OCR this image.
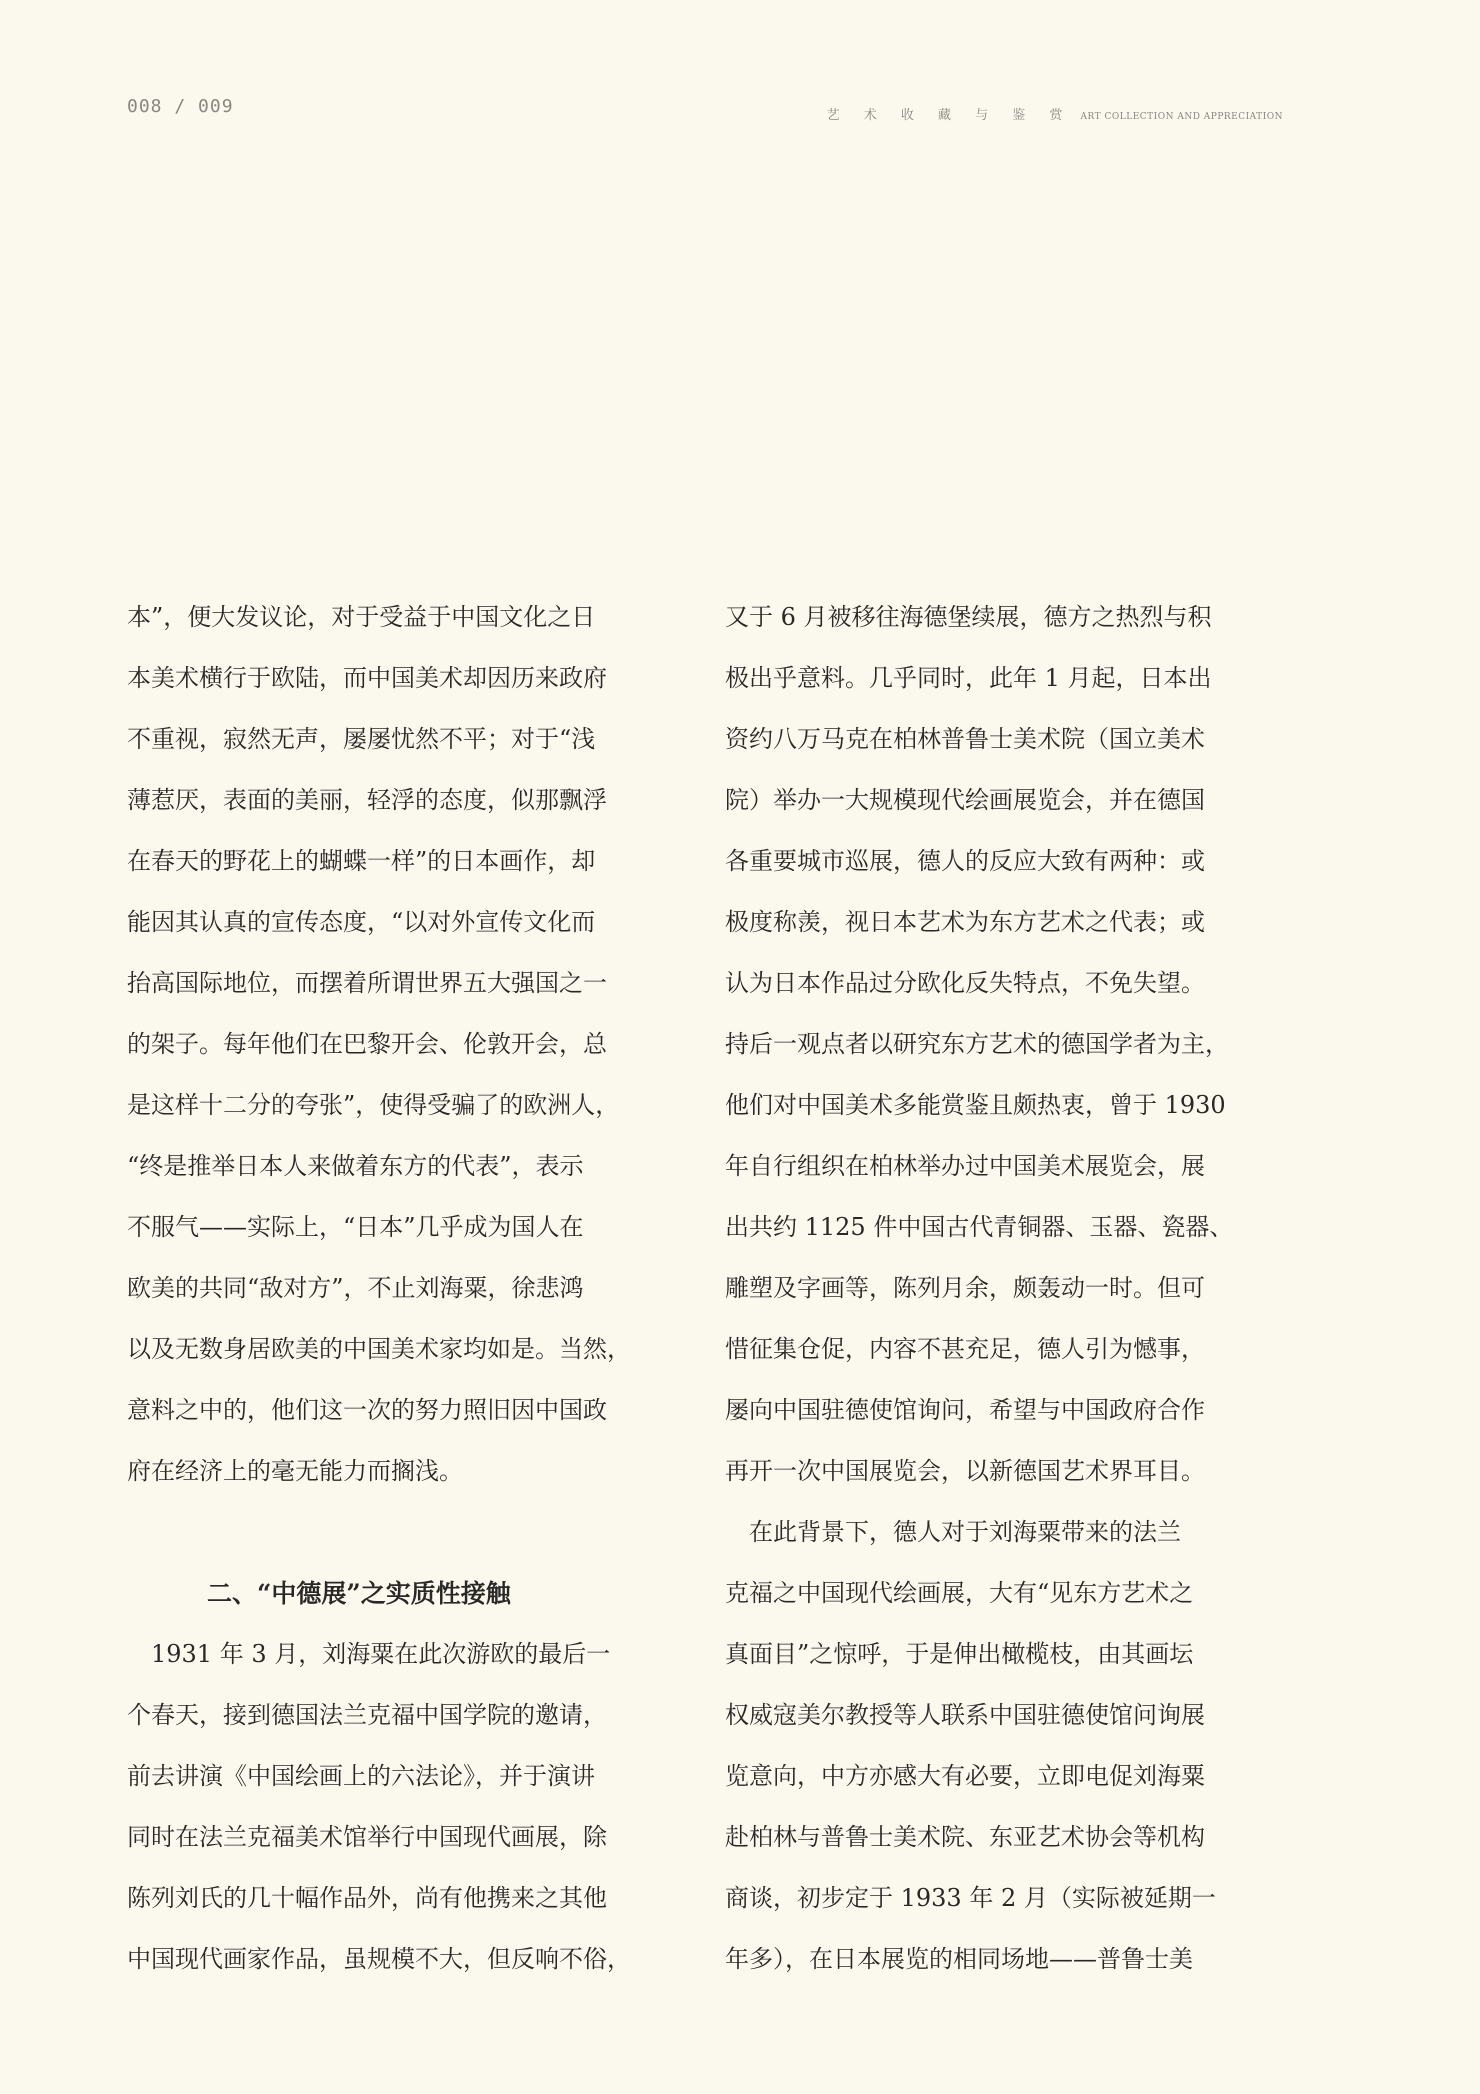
008 / 009	艺 术 收 藏 与 鉴 赏 ART COLLECTION AND APPRECIATION
本”，便大发议论，对于受益于中国文化之日
本美术横行于欧陆，而中国美术却因历来政府
不重视，寂然无声，屡屡忧然不平；对于“浅
薄惹厌，表面的美丽，轻浮的态度，似那飘浮
在春天的野花上的蝴蝶一样”的日本画作，却
能因其认真的宣传态度，“以对外宣传文化而
抬高国际地位，而摆着所谓世界五大强国之一
的架子。每年他们在巴黎开会、伦敦开会，总
是这样十二分的夸张”，使得受骗了的欧洲人，
“终是推举日本人来做着东方的代表”，表示
不服气——实际上，“日本”几乎成为国人在
欧美的共同“敌对方”，不止刘海粟，徐悲鸿
以及无数身居欧美的中国美术家均如是。当然，
意料之中的，他们这一次的努力照旧因中国政
府在经济上的毫无能力而搁浅。
二、“中德展”之实质性接触
　1931 年 3 月，刘海粟在此次游欧的最后一
个春天，接到德国法兰克福中国学院的邀请，
前去讲演《中国绘画上的六法论》，并于演讲
同时在法兰克福美术馆举行中国现代画展，除
陈列刘氏的几十幅作品外，尚有他携来之其他
中国现代画家作品，虽规模不大，但反响不俗，
又于 6 月被移往海德堡续展，德方之热烈与积
极出乎意料。几乎同时，此年 1 月起，日本出
资约八万马克在柏林普鲁士美术院（国立美术
院）举办一大规模现代绘画展览会，并在德国
各重要城市巡展，德人的反应大致有两种：或
极度称羡，视日本艺术为东方艺术之代表；或
认为日本作品过分欧化反失特点，不免失望。
持后一观点者以研究东方艺术的德国学者为主，
他们对中国美术多能赏鉴且颇热衷，曾于 1930
年自行组织在柏林举办过中国美术展览会，展
出共约 1125 件中国古代青铜器、玉器、瓷器、
雕塑及字画等，陈列月余，颇轰动一时。但可
惜征集仓促，内容不甚充足，德人引为憾事，
屡向中国驻德使馆询问，希望与中国政府合作
再开一次中国展览会，以新德国艺术界耳目。
　在此背景下，德人对于刘海粟带来的法兰
克福之中国现代绘画展，大有“见东方艺术之
真面目”之惊呼，于是伸出橄榄枝，由其画坛
权威寇美尔教授等人联系中国驻德使馆问询展
览意向，中方亦感大有必要，立即电促刘海粟
赴柏林与普鲁士美术院、东亚艺术协会等机构
商谈，初步定于 1933 年 2 月（实际被延期一
年多），在日本展览的相同场地——普鲁士美
